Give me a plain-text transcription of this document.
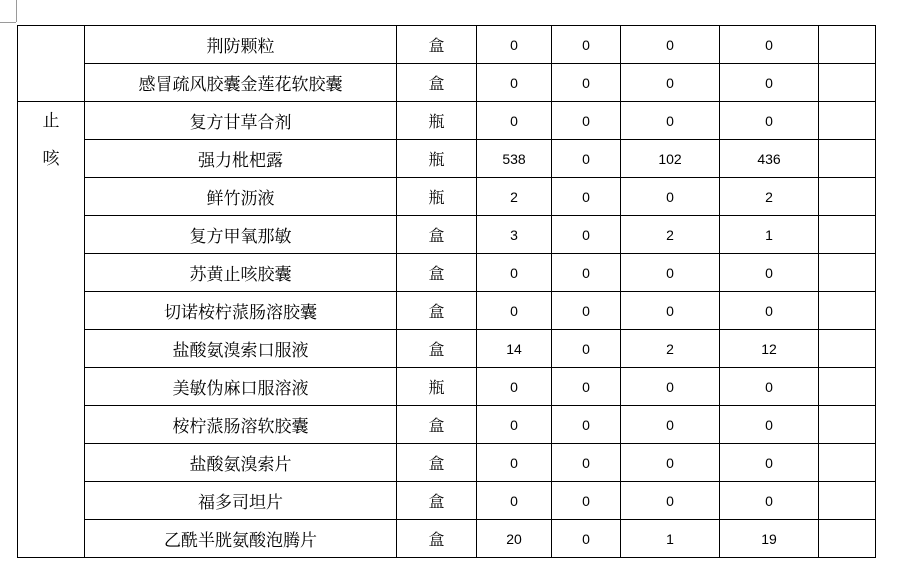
	荆防颗粒	盒	0	0	0	0	
	感冒疏风胶囊金莲花软胶囊	盒	0	0	0	0	

止
咳	复方甘草合剂	瓶	0	0	0	0	
	强力枇杷露	瓶	538	0	102	436	
	鲜竹沥液	瓶	2	0	0	2	
	复方甲氧那敏	盒	3	0	2	1	
	苏黄止咳胶囊	盒	0	0	0	0	
	切诺桉柠蒎肠溶胶囊	盒	0	0	0	0	
	盐酸氨溴索口服液	盒	14	0	2	12	
	美敏伪麻口服溶液	瓶	0	0	0	0	
	桉柠蒎肠溶软胶囊	盒	0	0	0	0	
	盐酸氨溴索片	盒	0	0	0	0	
	福多司坦片	盒	0	0	0	0	
	乙酰半胱氨酸泡腾片	盒	20	0	1	19	
